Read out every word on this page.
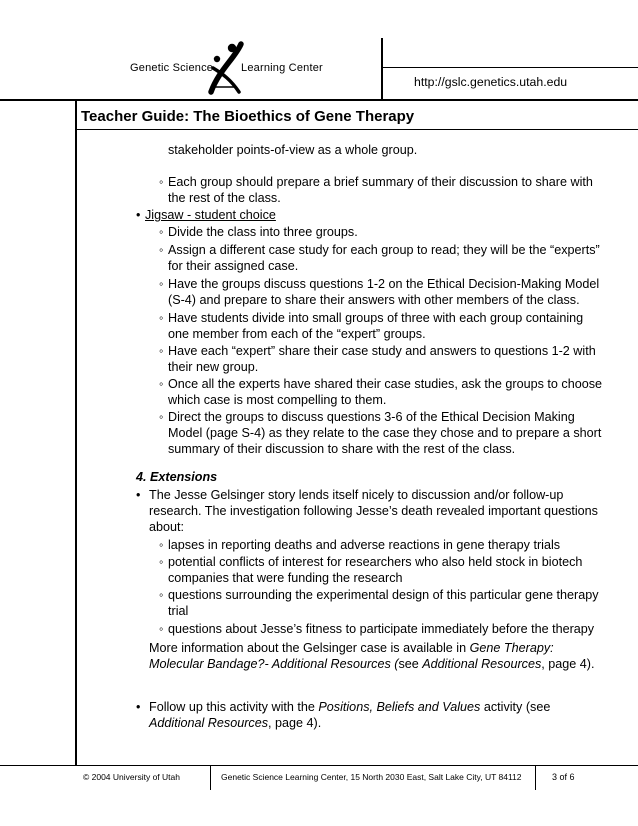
Genetic Science	Learning Center
http://gslc.genetics.utah.edu
Teacher Guide: The Bioethics of Gene Therapy
stakeholder points-of-view as a whole group.
◦ Each group should prepare a brief summary of their discussion to share with
the rest of the class.
• Jigsaw - student choice
◦ Divide the class into three groups.
◦ Assign a different case study for each group to read; they will be the “experts”
for their assigned case.
◦ Have the groups discuss questions 1-2 on the Ethical Decision-Making Model
(S-4) and prepare to share their answers with other members of the class.
◦ Have students divide into small groups of three with each group containing
one member from each of the “expert” groups.
◦ Have each “expert” share their case study and answers to questions 1-2 with
their new group.
◦ Once all the experts have shared their case studies, ask the groups to choose
which case is most compelling to them.
◦ Direct the groups to discuss questions 3-6 of the Ethical Decision Making
Model (page S-4) as they relate to the case they chose and to prepare a short
summary of their discussion to share with the rest of the class.
4. Extensions
• The Jesse Gelsinger story lends itself nicely to discussion and/or follow-up
research. The investigation following Jesse’s death revealed important questions
about:
◦ lapses in reporting deaths and adverse reactions in gene therapy trials
◦ potential conflicts of interest for researchers who also held stock in biotech
companies that were funding the research
◦ questions surrounding the experimental design of this particular gene therapy
trial
◦ questions about Jesse’s fitness to participate immediately before the therapy
More information about the Gelsinger case is available in Gene Therapy:
Molecular Bandage?- Additional Resources (see Additional Resources, page 4).
• Follow up this activity with the Positions, Beliefs and Values activity (see
Additional Resources, page 4).
© 2004 University of Utah	Genetic Science Learning Center, 15 North 2030 East, Salt Lake City, UT 84112	3 of 6
